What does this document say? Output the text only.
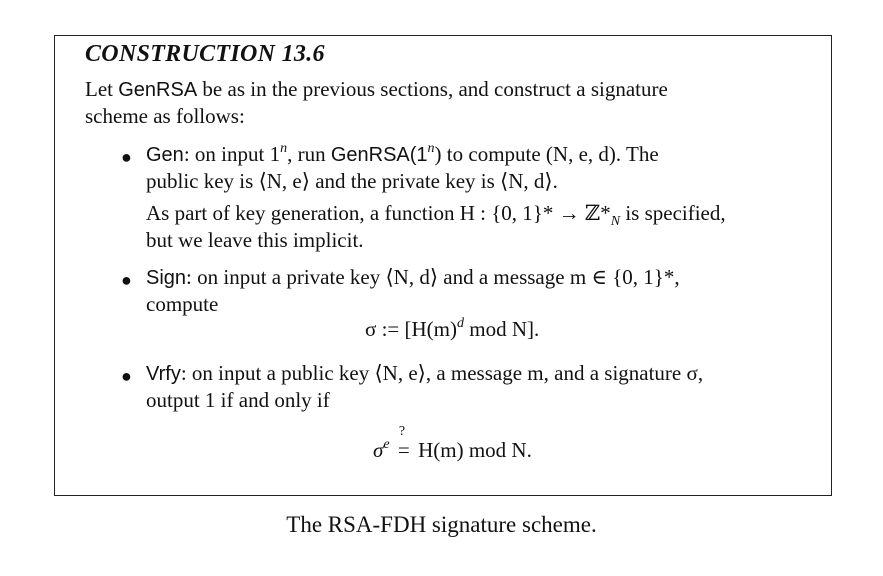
CONSTRUCTION 13.6
Let GenRSA be as in the previous sections, and construct a signature
scheme as follows:
● Gen: on input 1$^n$, run GenRSA(1$^n$) to compute (N, e, d). The
public key is ⟨N, e⟩ and the private key is ⟨N, d⟩.
As part of key generation, a function H : {0, $1\}* \to ℤ*_N$ is specified,
but we leave this implicit.
● Sign: on input a private key ⟨N, d⟩ and a message m ∈ {0, 1}*,
compute
σ := [$H(m)^d$ mod N].
● Vrfy: on input a public key ⟨N, e⟩, a message m, and a signature σ,
output 1 if and only if
$\sigma^e$
?
= H(m) mod N.
The RSA-FDH signature scheme.
